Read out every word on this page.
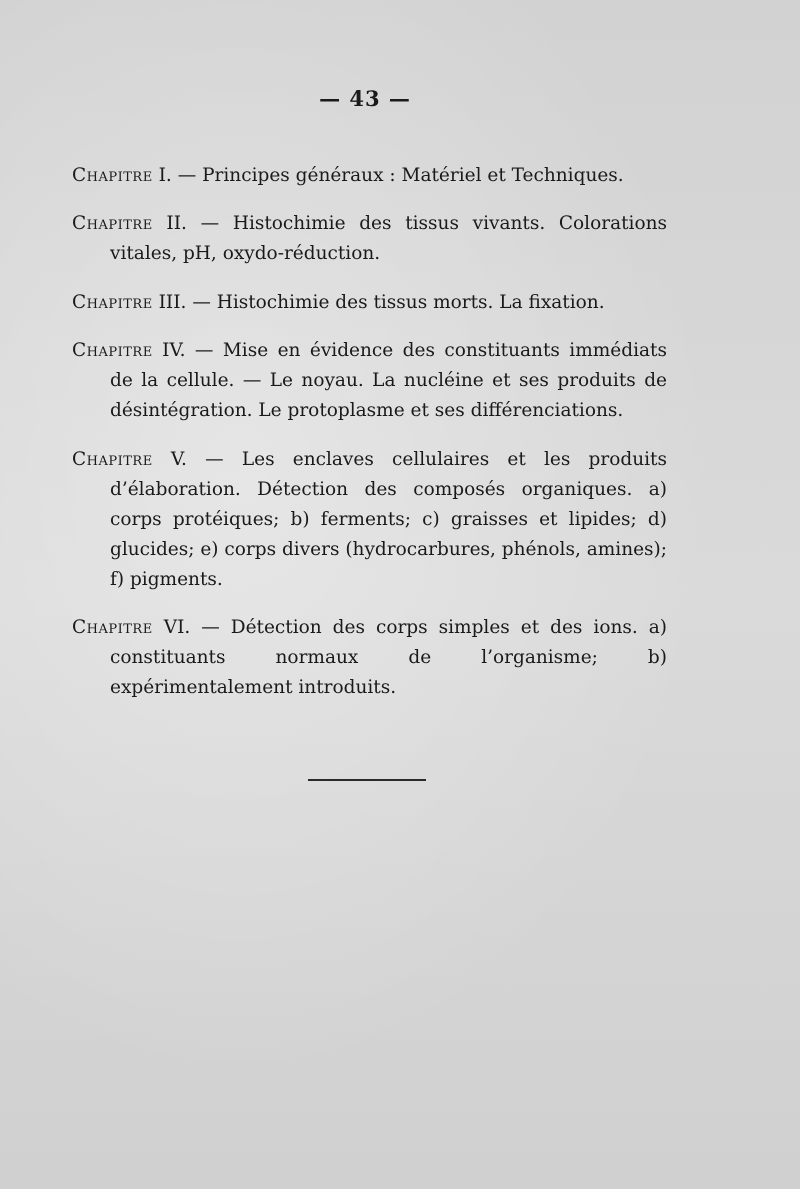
— 43 —

Chapitre I. — Principes généraux : Matériel et Techniques.

Chapitre II. — Histochimie des tissus vivants. Colorations vitales, pH, oxydo-réduction.

Chapitre III. — Histochimie des tissus morts. La fixation.

Chapitre IV. — Mise en évidence des constituants immédiats de la cellule. — Le noyau. La nucléine et ses produits de désintégration. Le protoplasme et ses différenciations.

Chapitre V. — Les enclaves cellulaires et les produits d’élaboration. Détection des composés organiques. a) corps protéiques; b) ferments; c) graisses et lipides; d) glucides; e) corps divers (hydrocarbures, phénols, amines); f) pigments.

Chapitre VI. — Détection des corps simples et des ions. a) constituants normaux de l’organisme; b) expérimentalement introduits.
